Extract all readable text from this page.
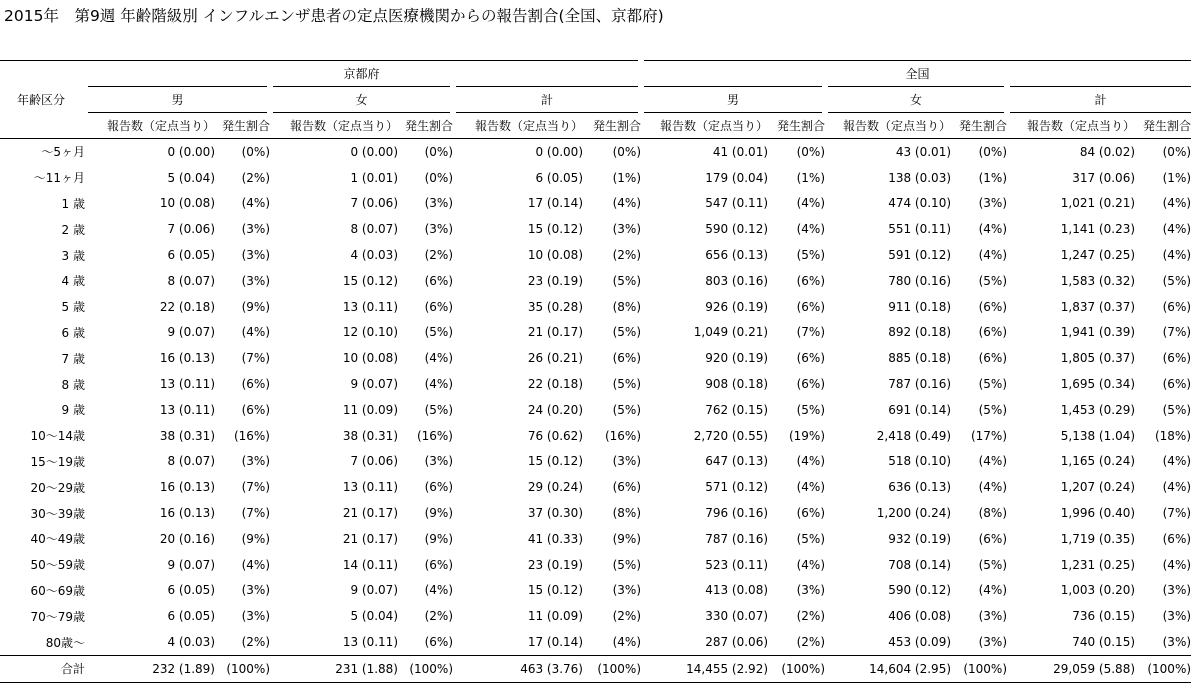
2015年　第9週 年齢階級別 インフルエンザ患者の定点医療機関からの報告割合(全国、京都府)
年齢区分	京都府						全国					
	男		女		計		男		女		計	
	報告数（定点当り）	発生割合	報告数（定点当り）	発生割合	報告数（定点当り）	発生割合	報告数（定点当り）	発生割合	報告数（定点当り）	発生割合	報告数（定点当り）	発生割合
〜5ヶ月	0 (0.00)	(0%)	0 (0.00)	(0%)	0 (0.00)	(0%)	41 (0.01)	(0%)	43 (0.01)	(0%)	84 (0.02)	(0%)
〜11ヶ月	5 (0.04)	(2%)	1 (0.01)	(0%)	6 (0.05)	(1%)	179 (0.04)	(1%)	138 (0.03)	(1%)	317 (0.06)	(1%)
1 歳	10 (0.08)	(4%)	7 (0.06)	(3%)	17 (0.14)	(4%)	547 (0.11)	(4%)	474 (0.10)	(3%)	1,021 (0.21)	(4%)
2 歳	7 (0.06)	(3%)	8 (0.07)	(3%)	15 (0.12)	(3%)	590 (0.12)	(4%)	551 (0.11)	(4%)	1,141 (0.23)	(4%)
3 歳	6 (0.05)	(3%)	4 (0.03)	(2%)	10 (0.08)	(2%)	656 (0.13)	(5%)	591 (0.12)	(4%)	1,247 (0.25)	(4%)
4 歳	8 (0.07)	(3%)	15 (0.12)	(6%)	23 (0.19)	(5%)	803 (0.16)	(6%)	780 (0.16)	(5%)	1,583 (0.32)	(5%)
5 歳	22 (0.18)	(9%)	13 (0.11)	(6%)	35 (0.28)	(8%)	926 (0.19)	(6%)	911 (0.18)	(6%)	1,837 (0.37)	(6%)
6 歳	9 (0.07)	(4%)	12 (0.10)	(5%)	21 (0.17)	(5%)	1,049 (0.21)	(7%)	892 (0.18)	(6%)	1,941 (0.39)	(7%)
7 歳	16 (0.13)	(7%)	10 (0.08)	(4%)	26 (0.21)	(6%)	920 (0.19)	(6%)	885 (0.18)	(6%)	1,805 (0.37)	(6%)
8 歳	13 (0.11)	(6%)	9 (0.07)	(4%)	22 (0.18)	(5%)	908 (0.18)	(6%)	787 (0.16)	(5%)	1,695 (0.34)	(6%)
9 歳	13 (0.11)	(6%)	11 (0.09)	(5%)	24 (0.20)	(5%)	762 (0.15)	(5%)	691 (0.14)	(5%)	1,453 (0.29)	(5%)
10〜14歳	38 (0.31)	(16%)	38 (0.31)	(16%)	76 (0.62)	(16%)	2,720 (0.55)	(19%)	2,418 (0.49)	(17%)	5,138 (1.04)	(18%)
15〜19歳	8 (0.07)	(3%)	7 (0.06)	(3%)	15 (0.12)	(3%)	647 (0.13)	(4%)	518 (0.10)	(4%)	1,165 (0.24)	(4%)
20〜29歳	16 (0.13)	(7%)	13 (0.11)	(6%)	29 (0.24)	(6%)	571 (0.12)	(4%)	636 (0.13)	(4%)	1,207 (0.24)	(4%)
30〜39歳	16 (0.13)	(7%)	21 (0.17)	(9%)	37 (0.30)	(8%)	796 (0.16)	(6%)	1,200 (0.24)	(8%)	1,996 (0.40)	(7%)
40〜49歳	20 (0.16)	(9%)	21 (0.17)	(9%)	41 (0.33)	(9%)	787 (0.16)	(5%)	932 (0.19)	(6%)	1,719 (0.35)	(6%)
50〜59歳	9 (0.07)	(4%)	14 (0.11)	(6%)	23 (0.19)	(5%)	523 (0.11)	(4%)	708 (0.14)	(5%)	1,231 (0.25)	(4%)
60〜69歳	6 (0.05)	(3%)	9 (0.07)	(4%)	15 (0.12)	(3%)	413 (0.08)	(3%)	590 (0.12)	(4%)	1,003 (0.20)	(3%)
70〜79歳	6 (0.05)	(3%)	5 (0.04)	(2%)	11 (0.09)	(2%)	330 (0.07)	(2%)	406 (0.08)	(3%)	736 (0.15)	(3%)
80歳〜	4 (0.03)	(2%)	13 (0.11)	(6%)	17 (0.14)	(4%)	287 (0.06)	(2%)	453 (0.09)	(3%)	740 (0.15)	(3%)
合計	232 (1.89)	(100%)	231 (1.88)	(100%)	463 (3.76)	(100%)	14,455 (2.92)	(100%)	14,604 (2.95)	(100%)	29,059 (5.88)	(100%)
